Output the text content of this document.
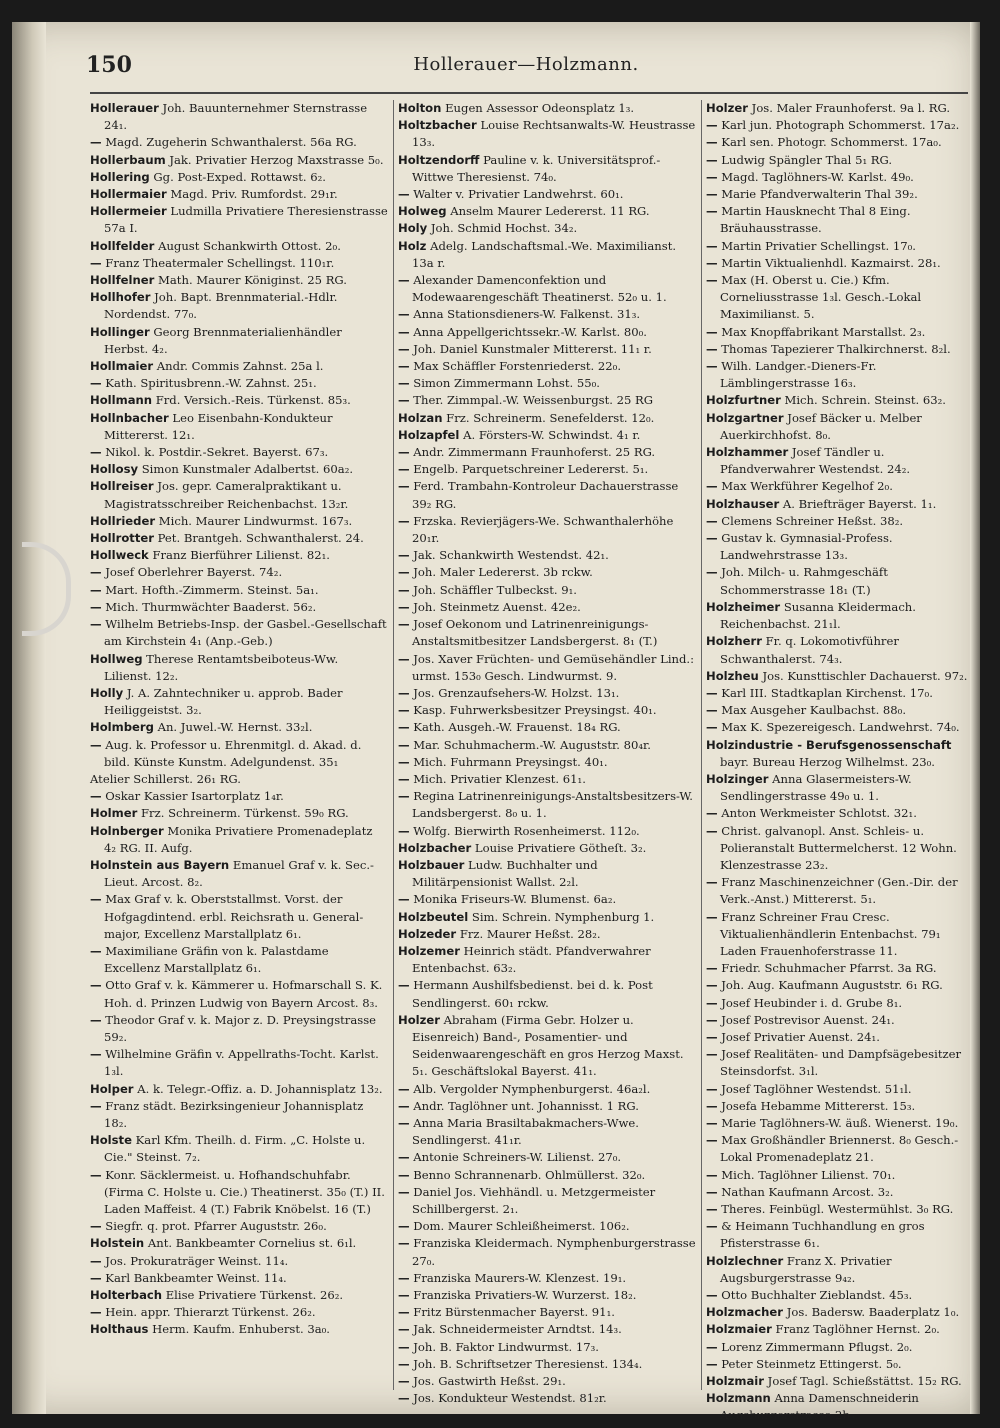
150	Hollerauer—Holzmann.

Hollerauer Joh. Bauunternehmer Sternstrasse 24₁.

— Magd. Zugeherin Schwanthalerst. 56a RG.

Hollerbaum Jak. Privatier Herzog Maxstrasse 5₀.

Hollering Gg. Post-Exped. Rottawst. 6₂.

Hollermaier Magd. Priv. Rumfordst. 29₁r.

Hollermeier Ludmilla Privatiere Theresienstrasse 57a I.

Hollfelder August Schankwirth Ottost. 2₀.

— Franz Theatermaler Schellingst. 110₁r.

Hollfelner Math. Maurer Königinst. 25 RG.

Hollhofer Joh. Bapt. Brennmaterial.-Hdlr. Nordendst. 77₀.

Hollinger Georg Brennmaterialienhändler Herbst. 4₂.

Hollmaier Andr. Commis Zahnst. 25a l.

— Kath. Spiritusbrenn.-W. Zahnst. 25₁.

Hollmann Frd. Versich.-Reis. Türkenst. 85₃.

Hollnbacher Leo Eisenbahn-Kondukteur Mittererst. 12₁.

— Nikol. k. Postdir.-Sekret. Bayerst. 67₃.

Hollosy Simon Kunstmaler Adalbertst. 60a₂.

Hollreiser Jos. gepr. Cameralpraktikant u. Magistratsschreiber Reichenbachst. 13₂r.

Hollrieder Mich. Maurer Lindwurmst. 167₃.

Hollrotter Pet. Brantgeh. Schwanthalerst. 24.

Hollweck Franz Bierführer Lilienst. 82₁.

— Josef Oberlehrer Bayerst. 74₂.

— Mart. Hofth.-Zimmerm. Steinst. 5a₁.

— Mich. Thurmwächter Baaderst. 56₂.

— Wilhelm Betriebs-Insp. der Gasbel.-Gesellschaft am Kirchstein 4₁ (Anp.-Geb.)

Hollweg Therese Rentamtsbeiboteus-Ww. Lilienst. 12₂.

Holly J. A. Zahntechniker u. approb. Bader Heiliggeistst. 3₂.

Holmberg An. Juwel.-W. Hernst. 33₂l.

— Aug. k. Professor u. Ehrenmitgl. d. Akad. d. bild. Künste Kunstm. Adelgundenst. 35₁

Atelier Schillerst. 26₁ RG.

— Oskar Kassier Isartorplatz 1₄r.

Holmer Frz. Schreinerm. Türkenst. 59₀ RG.

Holnberger Monika Privatiere Promenadeplatz 4₂ RG. II. Aufg.

Holnstein aus Bayern Emanuel Graf v. k. Sec.-Lieut. Arcost. 8₂.

— Max Graf v. k. Oberststallmst. Vorst. der Hofgagdintend. erbl. Reichsrath u. General-major, Excellenz Marstallplatz 6₁.

— Maximiliane Gräfin von k. Palastdame Excellenz Marstallplatz 6₁.

— Otto Graf v. k. Kämmerer u. Hofmarschall S. K. Hoh. d. Prinzen Ludwig von Bayern Arcost. 8₃.

— Theodor Graf v. k. Major z. D. Preysingstrasse 59₂.

— Wilhelmine Gräfin v. Appellraths-Tocht. Karlst. 1₃l.

Holper A. k. Telegr.-Offiz. a. D. Johannisplatz 13₂.

— Franz städt. Bezirksingenieur Johannisplatz 18₂.

Holste Karl Kfm. Theilh. d. Firm. „C. Holste u. Cie." Steinst. 7₂.

— Konr. Säcklermeist. u. Hofhandschuhfabr. (Firma C. Holste u. Cie.) Theatinerst. 35₀ (T.) II. Laden Maffeist. 4 (T.) Fabrik Knöbelst. 16 (T.)

— Siegfr. q. prot. Pfarrer Auguststr. 26₀.

Holstein Ant. Bankbeamter Cornelius st. 6₁l.

— Jos. Prokuraträger Weinst. 11₄.

— Karl Bankbeamter Weinst. 11₄.

Holterbach Elise Privatiere Türkenst. 26₂.

— Hein. appr. Thierarzt Türkenst. 26₂.

Holthaus Herm. Kaufm. Enhuberst. 3a₀.

Holton Eugen Assessor Odeonsplatz 1₃.

Holtzbacher Louise Rechtsanwalts-W. Heustrasse 13₃.

Holtzendorff Pauline v. k. Universitätsprof.-Wittwe Theresienst. 74₀.

— Walter v. Privatier Landwehrst. 60₁.

Holweg Anselm Maurer Ledererst. 11 RG.

Holy Joh. Schmid Hochst. 34₂.

Holz Adelg. Landschaftsmal.-We. Maximilianst. 13a r.

— Alexander Damenconfektion und Modewaarengeschäft Theatinerst. 52₀ u. 1.

— Anna Stationsdieners-W. Falkenst. 31₃.

— Anna Appellgerichtssekr.-W. Karlst. 80₀.

— Joh. Daniel Kunstmaler Mittererst. 11₁ r.

— Max Schäffler Forstenriederst. 22₀.

— Simon Zimmermann Lohst. 55₀.

— Ther. Zimmpal.-W. Weissenburgst. 25 RG

Holzan Frz. Schreinerm. Senefelderst. 12₀.

Holzapfel A. Försters-W. Schwindst. 4₁ r.

— Andr. Zimmermann Fraunhoferst. 25 RG.

— Engelb. Parquetschreiner Ledererst. 5₁.

— Ferd. Trambahn-Kontroleur Dachauerstrasse 39₂ RG.

— Frzska. Revierjägers-We. Schwanthalerhöhe 20₁r.

— Jak. Schankwirth Westendst. 42₁.

— Joh. Maler Ledererst. 3b rckw.

— Joh. Schäffler Tulbeckst. 9₁.

— Joh. Steinmetz Auenst. 42e₂.

— Josef Oekonom und Latrinenreinigungs-Anstaltsmitbesitzer Landsbergerst. 8₁ (T.)

— Jos. Xaver Früchten- und Gemüsehändler Lind.: urmst. 153₀ Gesch. Lindwurmst. 9.

— Jos. Grenzaufsehers-W. Holzst. 13₁.

— Kasp. Fuhrwerksbesitzer Preysingst. 40₁.

— Kath. Ausgeh.-W. Frauenst. 18₄ RG.

— Mar. Schuhmacherm.-W. Auguststr. 80₄r.

— Mich. Fuhrmann Preysingst. 40₁.

— Mich. Privatier Klenzest. 61₁.

— Regina Latrinenreinigungs-Anstaltsbesitzers-W. Landsbergerst. 8₀ u. 1.

— Wolfg. Bierwirth Rosenheimerst. 112₀.

Holzbacher Louise Privatiere Götheſt. 3₂.

Holzbauer Ludw. Buchhalter und Militärpensionist Wallst. 2₂l.

— Monika Friseurs-W. Blumenst. 6a₂.

Holzbeutel Sim. Schrein. Nymphenburg 1.

Holzeder Frz. Maurer Heßst. 28₂.

Holzemer Heinrich städt. Pfandverwahrer Entenbachst. 63₂.

— Hermann Aushilfsbedienst. bei d. k. Post Sendlingerst. 60₁ rckw.

Holzer Abraham (Firma Gebr. Holzer u. Eisenreich) Band-, Posamentier- und Seidenwaarengeschäft en gros Herzog Maxst. 5₁. Geschäftslokal Bayerst. 41₁.

— Alb. Vergolder Nymphenburgerst. 46a₂l.

— Andr. Taglöhner unt. Johannisst. 1 RG.

— Anna Maria Brasiltabakmachers-Wwe. Sendlingerst. 41₁r.

— Antonie Schreiners-W. Lilienst. 27₀.

— Benno Schrannenarb. Ohlmüllerst. 32₀.

— Daniel Jos. Viehhändl. u. Metzgermeister Schillbergerst. 2₁.

— Dom. Maurer Schleißheimerst. 106₂.

— Franziska Kleidermach. Nymphenburgerstrasse 27₀.

— Franziska Maurers-W. Klenzest. 19₁.

— Franziska Privatiers-W. Wurzerst. 18₂.

— Fritz Bürstenmacher Bayerst. 91₁.

— Jak. Schneidermeister Arndtst. 14₃.

— Joh. B. Faktor Lindwurmst. 17₃.

— Joh. B. Schriftsetzer Theresienst. 134₄.

— Jos. Gastwirth Heßst. 29₁.

— Jos. Kondukteur Westendst. 81₂r.

Holzer Jos. Maler Fraunhoferst. 9a l. RG.

— Karl jun. Photograph Schommerst. 17a₂.

— Karl sen. Photogr. Schommerst. 17a₀.

— Ludwig Spängler Thal 5₁ RG.

— Magd. Taglöhners-W. Karlst. 49₀.

— Marie Pfandverwalterin Thal 39₂.

— Martin Hausknecht Thal 8 Eing. Bräuhausstrasse.

— Martin Privatier Schellingst. 17₀.

— Martin Viktualienhdl. Kazmairst. 28₁.

— Max (H. Oberst u. Cie.) Kfm. Corneliusstrasse 1₃l. Gesch.-Lokal Maximilianst. 5.

— Max Knopffabrikant Marstallst. 2₃.

— Thomas Tapezierer Thalkirchnerst. 8₂l.

— Wilh. Landger.-Dieners-Fr. Lämblingerstrasse 16₃.

Holzfurtner Mich. Schrein. Steinst. 63₂.

Holzgartner Josef Bäcker u. Melber Auerkirchhofst. 8₀.

Holzhammer Josef Tändler u. Pfandverwahrer Westendst. 24₂.

— Max Werkführer Kegelhof 2₀.

Holzhauser A. Briefträger Bayerst. 1₁.

— Clemens Schreiner Heßst. 38₂.

— Gustav k. Gymnasial-Profess. Landwehrstrasse 13₃.

— Joh. Milch- u. Rahmgeschäft Schommerstrasse 18₁ (T.)

Holzheimer Susanna Kleidermach. Reichenbachst. 21₁l.

Holzherr Fr. q. Lokomotivführer Schwanthalerst. 74₃.

Holzheu Jos. Kunsttischler Dachauerst. 97₂.

— Karl III. Stadtkaplan Kirchenst. 17₀.

— Max Ausgeher Kaulbachst. 88₀.

— Max K. Spezereigesch. Landwehrst. 74₀.

Holzindustrie - Berufsgenossenschaft bayr. Bureau Herzog Wilhelmst. 23₀.

Holzinger Anna Glasermeisters-W. Sendlingerstrasse 49₀ u. 1.

— Anton Werkmeister Schlotst. 32₁.

— Christ. galvanopl. Anst. Schleis- u. Polieranstalt Buttermelcherst. 12 Wohn. Klenzestrasse 23₂.

— Franz Maschinenzeichner (Gen.-Dir. der Verk.-Anst.) Mittererst. 5₁.

— Franz Schreiner Frau Cresc. Viktualienhändlerin Entenbachst. 79₁ Laden Frauenhoferstrasse 11.

— Friedr. Schuhmacher Pfarrst. 3a RG.

— Joh. Aug. Kaufmann Auguststr. 6₁ RG.

— Josef Heubinder i. d. Grube 8₁.

— Josef Postrevisor Auenst. 24₁.

— Josef Privatier Auenst. 24₁.

— Josef Realitäten- und Dampfsägebesitzer Steinsdorfst. 3₁l.

— Josef Taglöhner Westendst. 51₁l.

— Josefa Hebamme Mittererst. 15₃.

— Marie Taglöhners-W. äuß. Wienerst. 19₀.

— Max Großhändler Briennerst. 8₀ Gesch.-Lokal Promenadeplatz 21.

— Mich. Taglöhner Lilienst. 70₁.

— Nathan Kaufmann Arcost. 3₂.

— Theres. Feinbügl. Westermühlst. 3₀ RG.

— & Heimann Tuchhandlung en gros Pfisterstrasse 6₁.

Holzlechner Franz X. Privatier Augsburgerstrasse 9₄₂.

— Otto Buchhalter Zieblandst. 45₃.

Holzmacher Jos. Badersw. Baaderplatz 1₀.

Holzmaier Franz Taglöhner Hernst. 2₀.

— Lorenz Zimmermann Pflugst. 2₀.

— Peter Steinmetz Ettingerst. 5₀.

Holzmair Josef Tagl. Schießstättst. 15₂ RG.

Holzmann Anna Damenschneiderin Augsburgerstrasse 2b₀.
